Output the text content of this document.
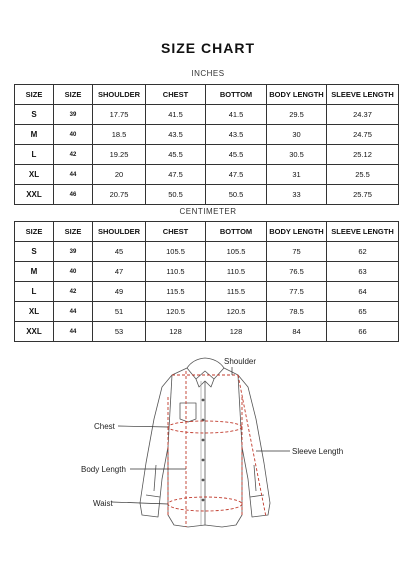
SIZE CHART
INCHES
SIZE	SIZE	SHOULDER	CHEST	BOTTOM	BODY LENGTH	SLEEVE LENGTH
S	39	17.75	41.5	41.5	29.5	24.37
M	40	18.5	43.5	43.5	30	24.75
L	42	19.25	45.5	45.5	30.5	25.12
XL	44	20	47.5	47.5	31	25.5
XXL	46	20.75	50.5	50.5	33	25.75
CENTIMETER
SIZE	SIZE	SHOULDER	CHEST	BOTTOM	BODY LENGTH	SLEEVE LENGTH
S	39	45	105.5	105.5	75	62
M	40	47	110.5	110.5	76.5	63
L	42	49	115.5	115.5	77.5	64
XL	44	51	120.5	120.5	78.5	65
XXL	44	53	128	128	84	66
Shoulder
Chest
Body Length
Waist
Sleeve Length
